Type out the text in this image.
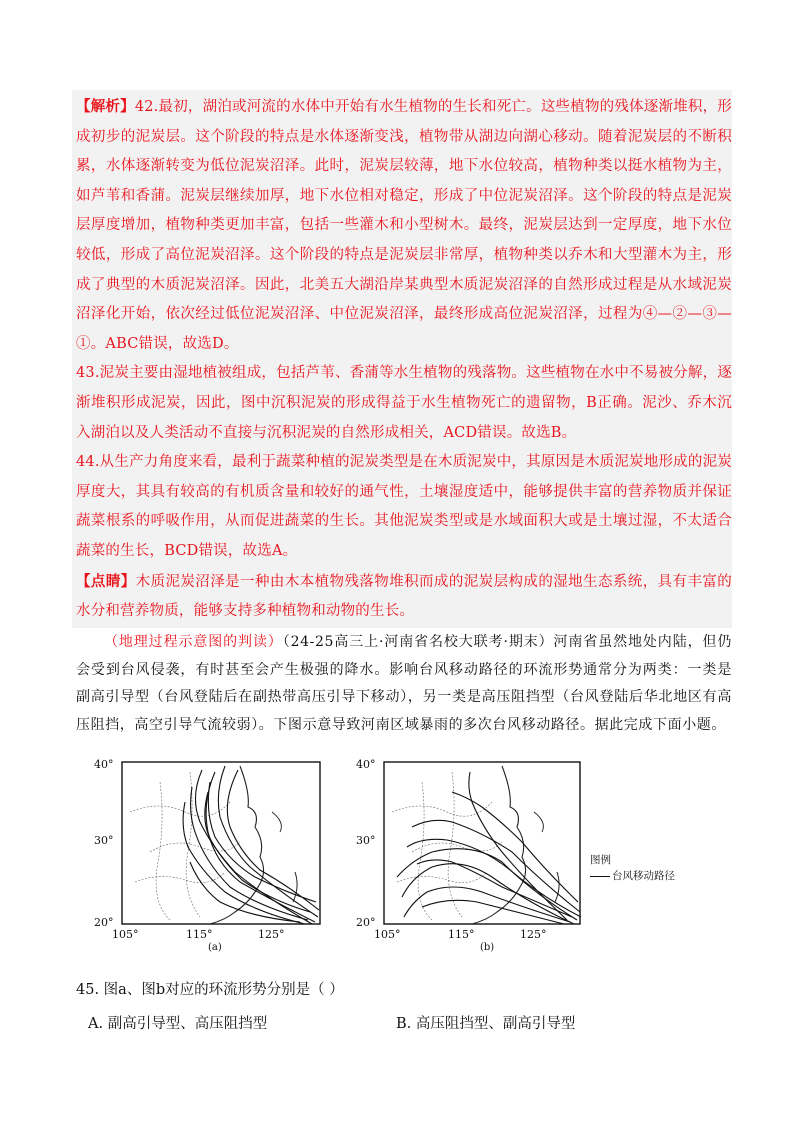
【解析】42.最初，湖泊或河流的水体中开始有水生植物的生长和死亡。这些植物的残体逐渐堆积，形成初步的泥炭层。这个阶段的特点是水体逐渐变浅，植物带从湖边向湖心移动。随着泥炭层的不断积累，水体逐渐转变为低位泥炭沼泽。此时，泥炭层较薄，地下水位较高，植物种类以挺水植物为主，如芦苇和香蒲。泥炭层继续加厚，地下水位相对稳定，形成了中位泥炭沼泽。这个阶段的特点是泥炭层厚度增加，植物种类更加丰富，包括一些灌木和小型树木。最终，泥炭层达到一定厚度，地下水位较低，形成了高位泥炭沼泽。这个阶段的特点是泥炭层非常厚，植物种类以乔木和大型灌木为主，形成了典型的木质泥炭沼泽。因此，北美五大湖沿岸某典型木质泥炭沼泽的自然形成过程是从水域泥炭沼泽化开始，依次经过低位泥炭沼泽、中位泥炭沼泽，最终形成高位泥炭沼泽，过程为④—②—③—①。ABC错误，故选D。

43.泥炭主要由湿地植被组成，包括芦苇、香蒲等水生植物的残落物。这些植物在水中不易被分解，逐渐堆积形成泥炭，因此，图中沉积泥炭的形成得益于水生植物死亡的遗留物，B正确。泥沙、乔木沉入湖泊以及人类活动不直接与沉积泥炭的自然形成相关，ACD错误。故选B。

44.从生产力角度来看，最利于蔬菜种植的泥炭类型是在木质泥炭中，其原因是木质泥炭地形成的泥炭厚度大，其具有较高的有机质含量和较好的通气性，土壤湿度适中，能够提供丰富的营养物质并保证蔬菜根系的呼吸作用，从而促进蔬菜的生长。其他泥炭类型或是水域面积大或是土壤过湿，不太适合蔬菜的生长，BCD错误，故选A。

【点睛】木质泥炭沼泽是一种由木本植物残落物堆积而成的泥炭层构成的湿地生态系统，具有丰富的水分和营养物质，能够支持多种植物和动物的生长。

（地理过程示意图的判读）（24-25高三上·河南省名校大联考·期末）河南省虽然地处内陆，但仍会受到台风侵袭，有时甚至会产生极强的降水。影响台风移动路径的环流形势通常分为两类：一类是副高引导型（台风登陆后在副热带高压引导下移动），另一类是高压阻挡型（台风登陆后华北地区有高压阻挡，高空引导气流较弱）。下图示意导致河南区域暴雨的多次台风移动路径。据此完成下面小题。

40°
30°
20°
105°	115°	125°
(a)
40°
30°
20°
105°	115°	125°
(b)
图例
台风移动路径
45. 图a、图b对应的环流形势分别是（ ）
A. 副高引导型、高压阻挡型	B. 高压阻挡型、副高引导型
